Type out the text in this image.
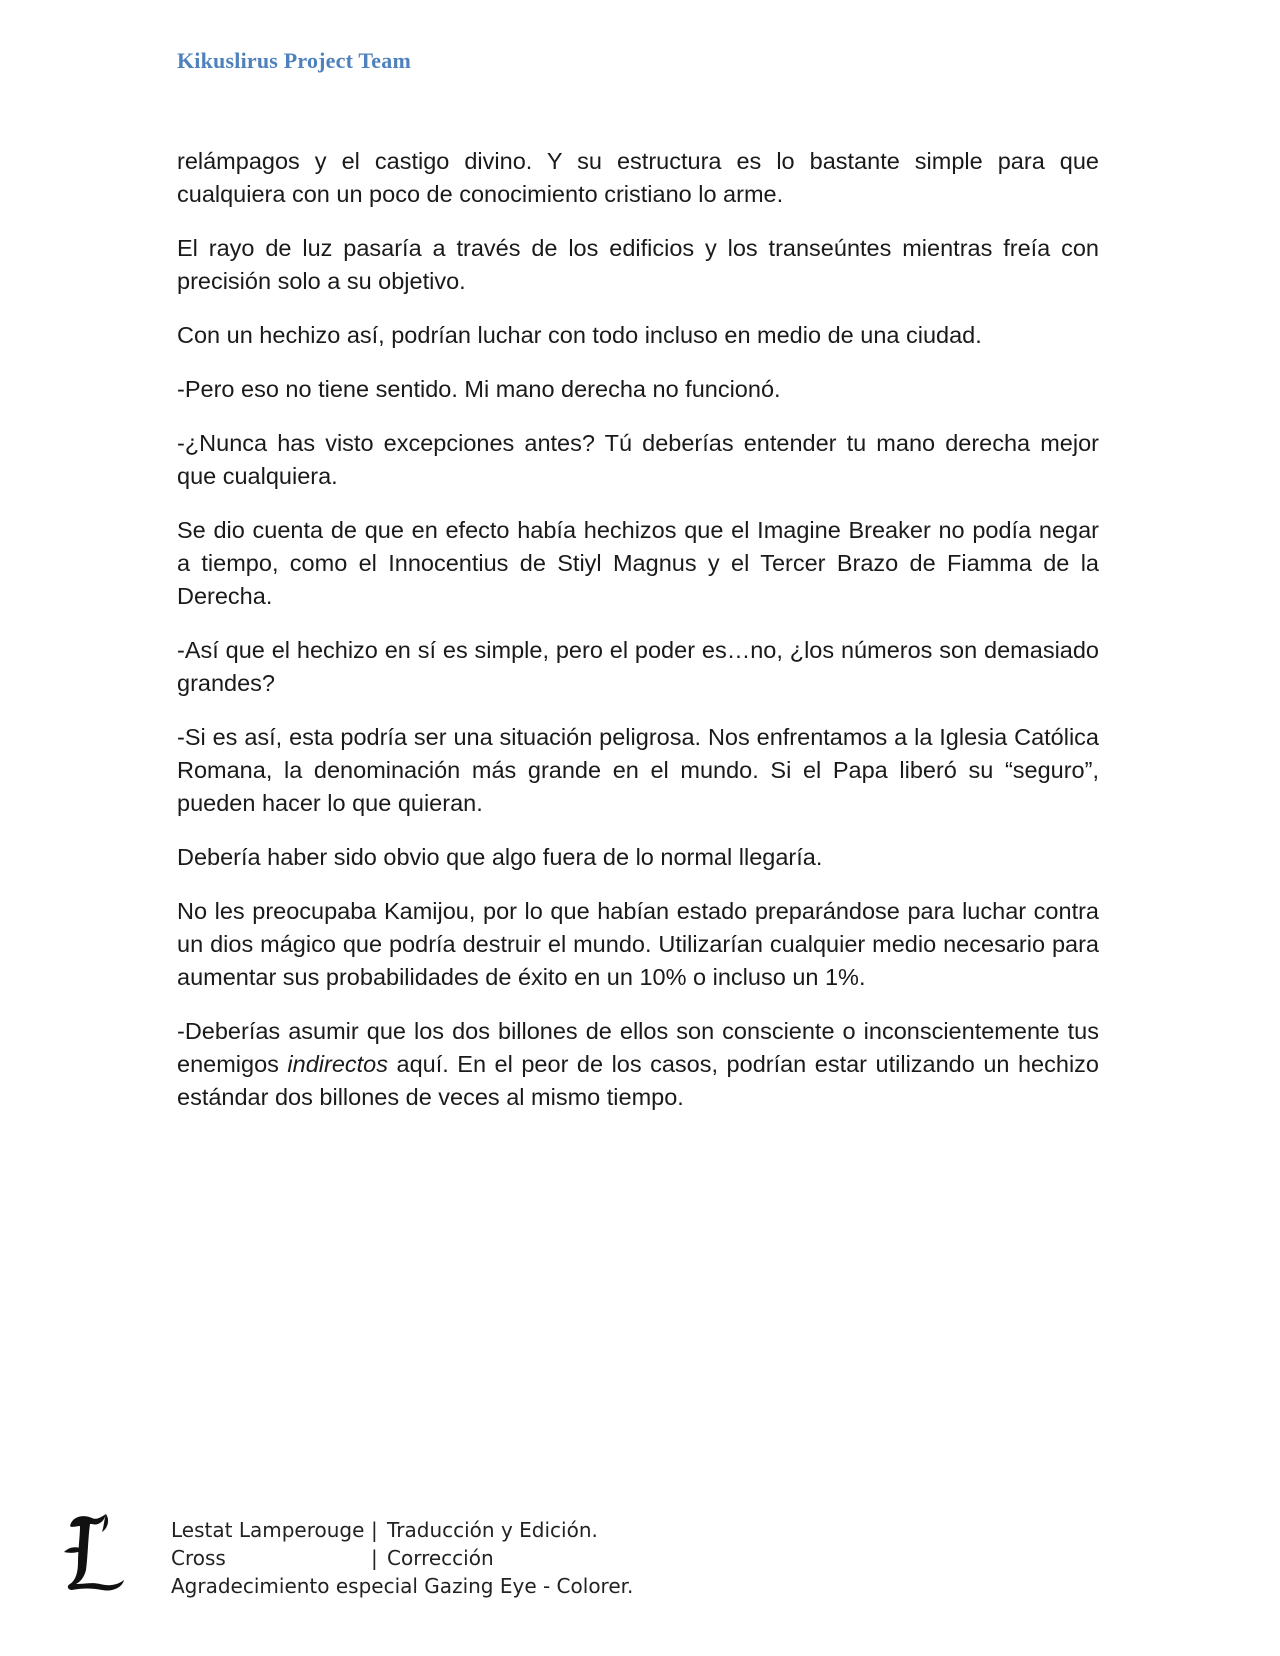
Kikuslirus Project Team

relámpagos y el castigo divino. Y su estructura es lo bastante simple para que cualquiera con un poco de conocimiento cristiano lo arme.

El rayo de luz pasaría a través de los edificios y los transeúntes mientras freía con precisión solo a su objetivo.

Con un hechizo así, podrían luchar con todo incluso en medio de una ciudad.

-Pero eso no tiene sentido. Mi mano derecha no funcionó.

-¿Nunca has visto excepciones antes? Tú deberías entender tu mano derecha mejor que cualquiera.

Se dio cuenta de que en efecto había hechizos que el Imagine Breaker no podía negar a tiempo, como el Innocentius de Stiyl Magnus y el Tercer Brazo de Fiamma de la Derecha.

-Así que el hechizo en sí es simple, pero el poder es…no, ¿los números son demasiado grandes?

-Si es así, esta podría ser una situación peligrosa. Nos enfrentamos a la Iglesia Católica Romana, la denominación más grande en el mundo. Si el Papa liberó su “seguro”, pueden hacer lo que quieran.

Debería haber sido obvio que algo fuera de lo normal llegaría.

No les preocupaba Kamijou, por lo que habían estado preparándose para luchar contra un dios mágico que podría destruir el mundo. Utilizarían cualquier medio necesario para aumentar sus probabilidades de éxito en un 10% o incluso un 1%.

-Deberías asumir que los dos billones de ellos son consciente o inconscientemente tus enemigos indirectos aquí. En el peor de los casos, podrían estar utilizando un hechizo estándar dos billones de veces al mismo tiempo.

Lestat Lamperouge | Traducción y Edición.
Cross	| Corrección
Agradecimiento especial Gazing Eye - Colorer.
